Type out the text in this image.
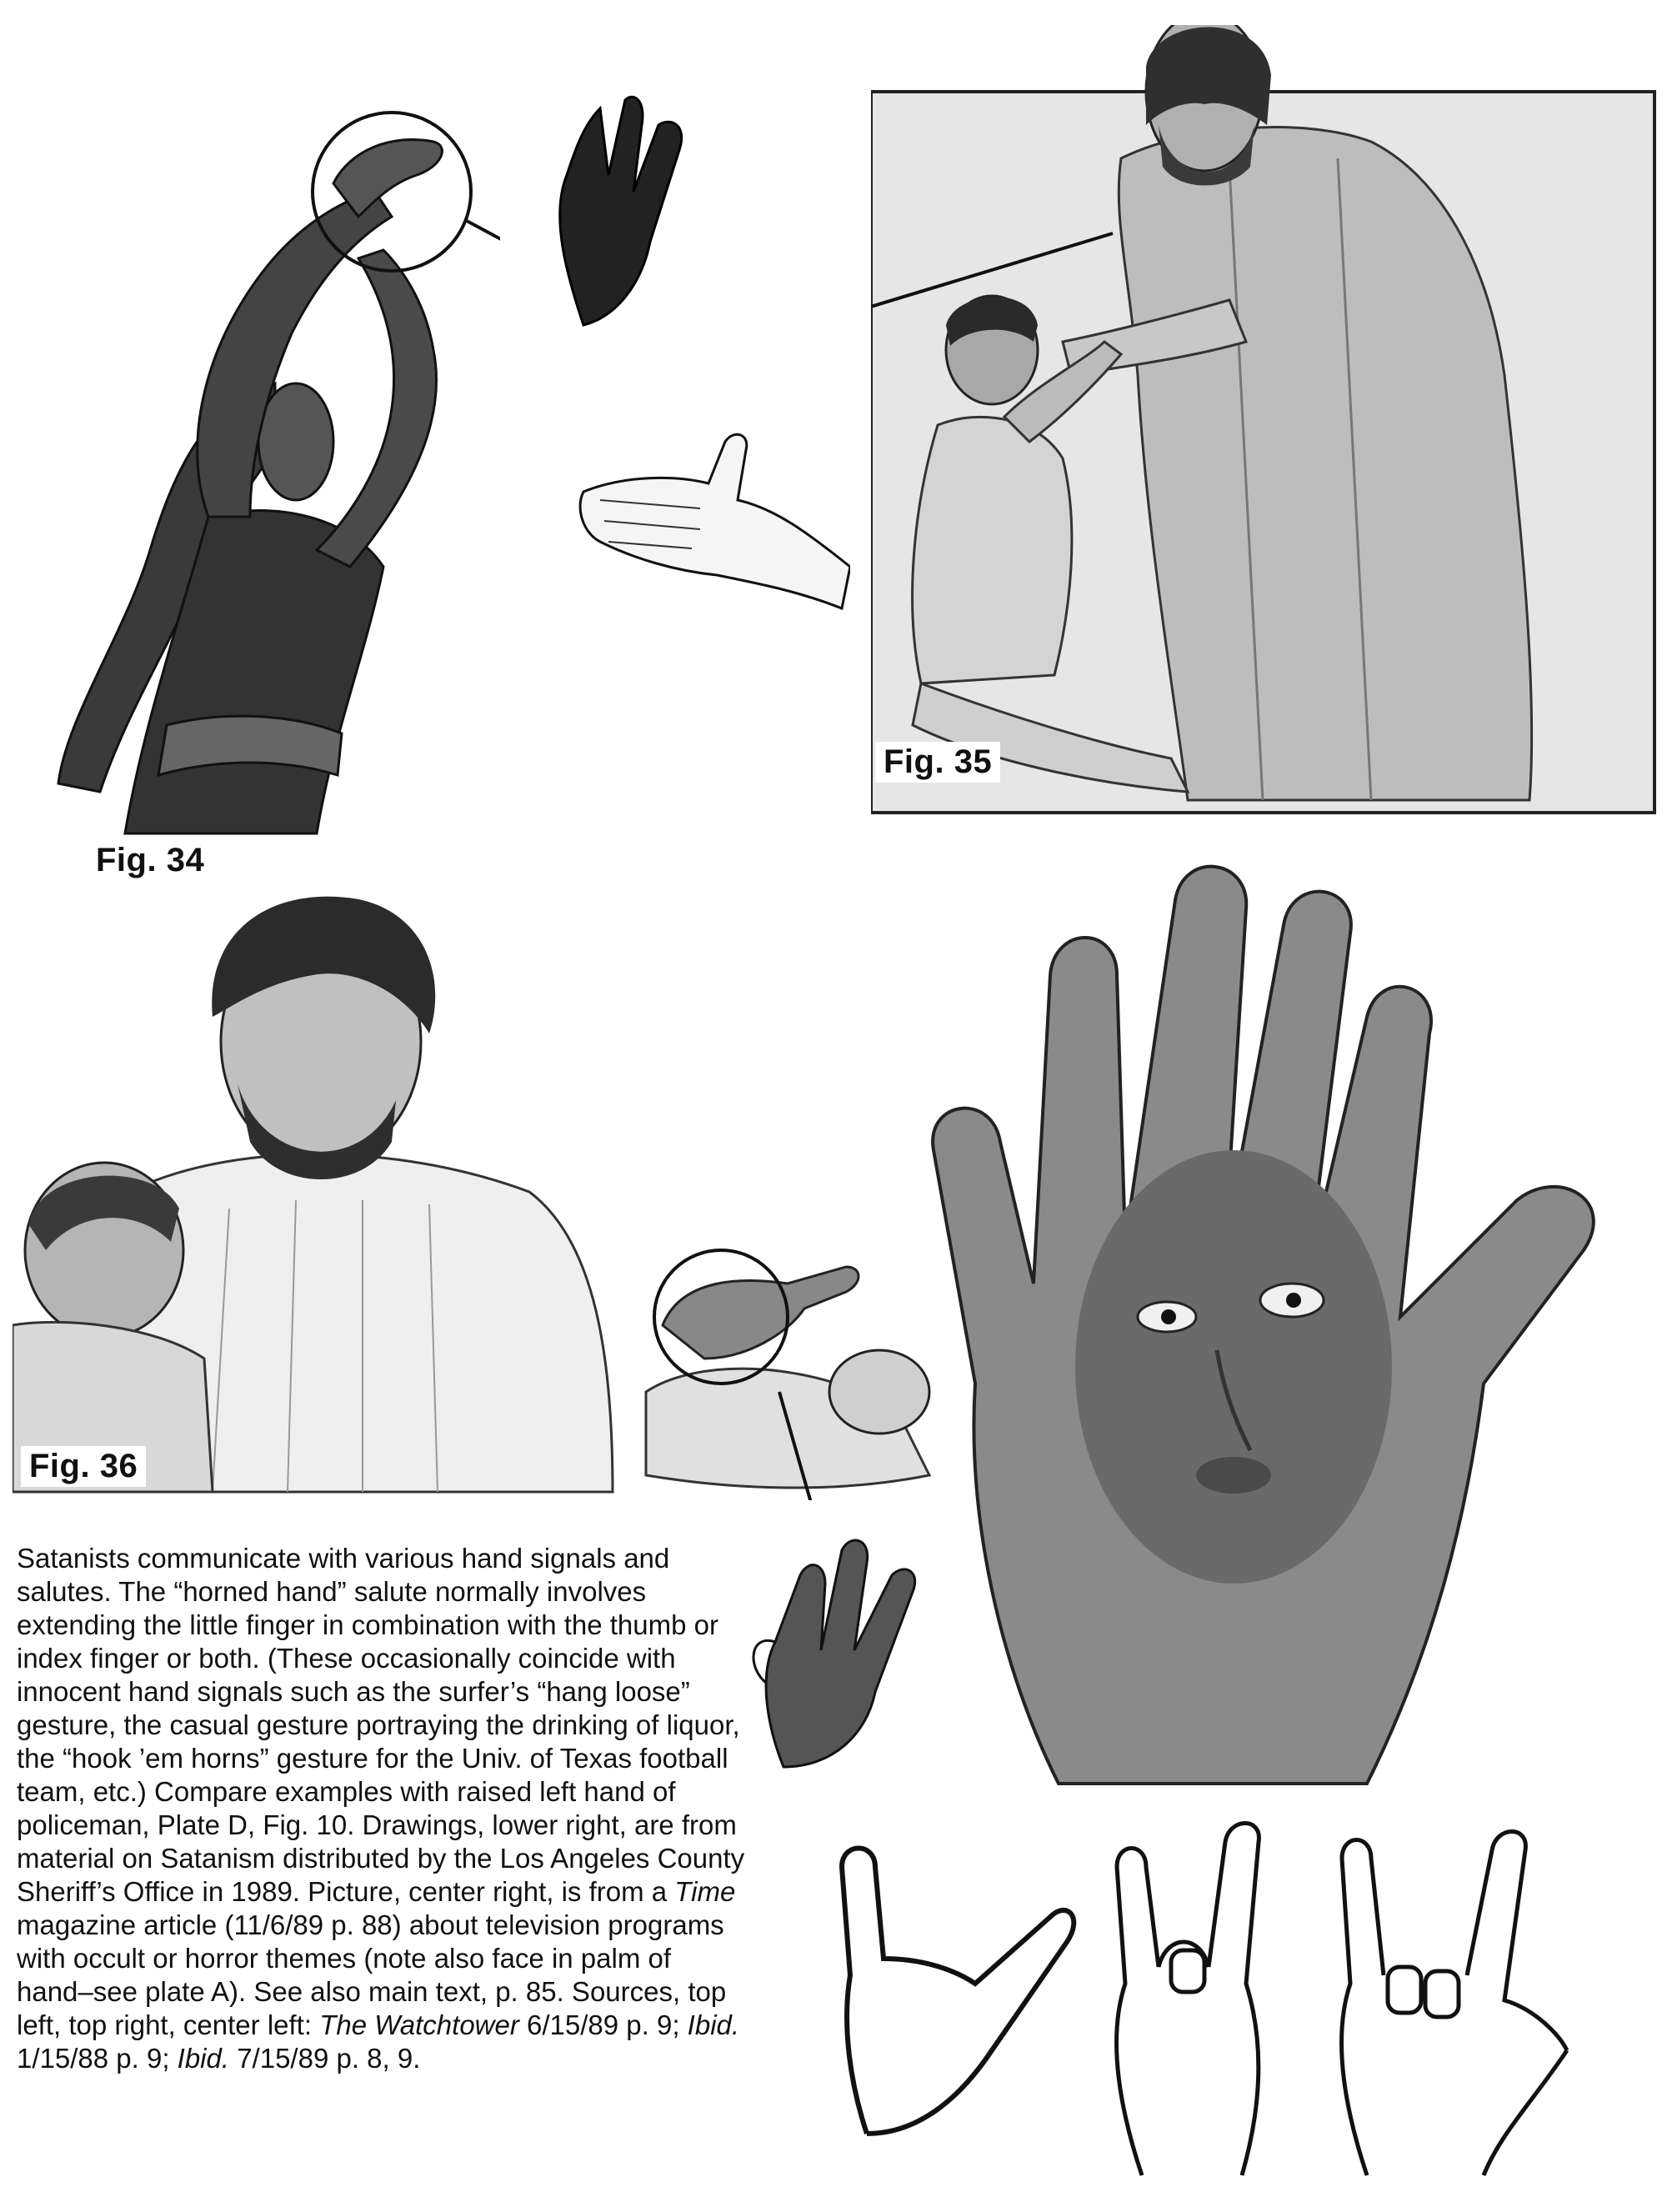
Fig. 35
Fig. 34
Fig. 36
Satanists communicate with various hand signals and salutes. The “horned hand” salute normally involves extending the little finger in combination with the thumb or index finger or both. (These occasionally coincide with innocent hand signals such as the surfer’s “hang loose” gesture, the casual gesture portraying the drinking of liquor, the “hook ’em horns” gesture for the Univ. of Texas football team, etc.) Compare examples with raised left hand of policeman, Plate D, Fig. 10. Drawings, lower right, are from material on Satanism distributed by the Los Angeles County Sheriff’s Office in 1989. Picture, center right, is from a Time magazine article (11/6/89 p. 88) about television programs with occult or horror themes (note also face in palm of hand–see plate A). See also main text, p. 85. Sources, top left, top right, center left: The Watchtower 6/15/89 p. 9; Ibid. 1/15/88 p. 9; Ibid. 7/15/89 p. 8, 9.
